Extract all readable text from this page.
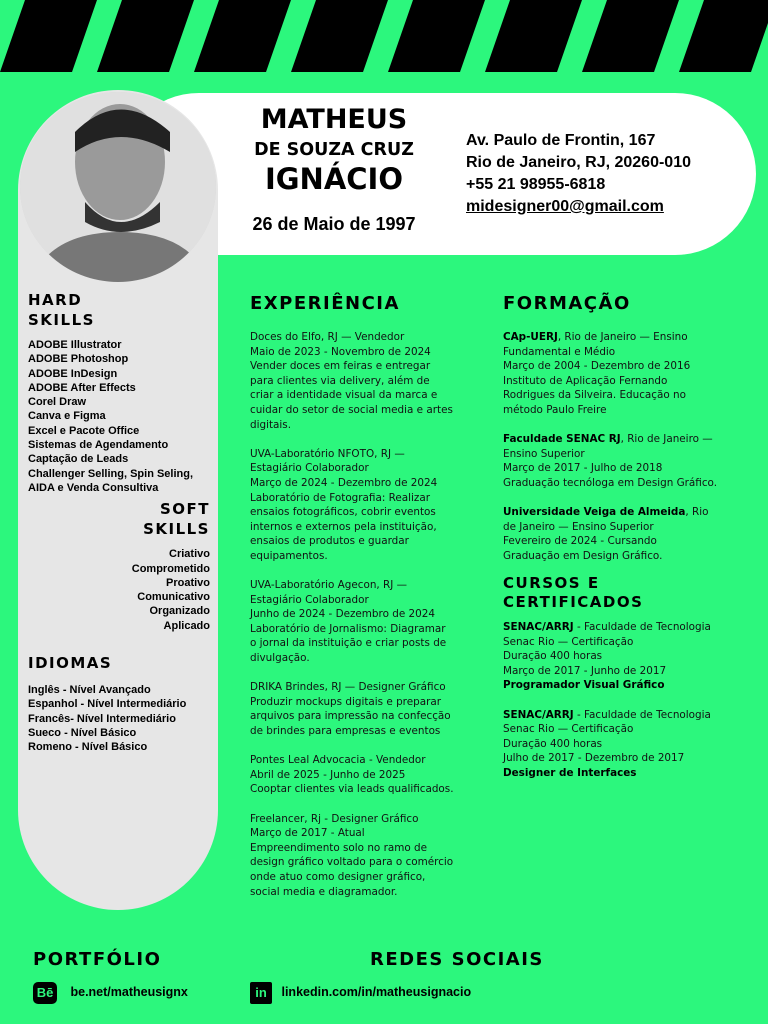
MATHEUS
DE SOUZA CRUZ
IGNÁCIO
26 de Maio de 1997
Av. Paulo de Frontin, 167
Rio de Janeiro, RJ, 20260-010
+55 21 98955-6818
midesigner00@gmail.com
HARD
SKILLS
ADOBE Illustrator
ADOBE Photoshop
ADOBE InDesign
ADOBE After Effects
Corel Draw
Canva e Figma
Excel e Pacote Office
Sistemas de Agendamento
Captação de Leads
Challenger Selling, Spin Seling,
AIDA e Venda Consultiva
SOFT
SKILLS
Criativo
Comprometido
Proativo
Comunicativo
Organizado
Aplicado
IDIOMAS
Inglês - Nível Avançado
Espanhol - Nível Intermediário
Francês- Nível Intermediário
Sueco - Nível Básico
Romeno - Nível Básico
EXPERIÊNCIA

Doces do Elfo, RJ — Vendedor
Maio de 2023 - Novembro de 2024
Vender doces em feiras e entregar para clientes via delivery, além de criar a identidade visual da marca e cuidar do setor de social media e artes digitais.

UVA-Laboratório NFOTO, RJ — Estagiário Colaborador
Março de 2024 - Dezembro de 2024
Laboratório de Fotografia: Realizar ensaios fotográficos, cobrir eventos internos e externos pela instituição, ensaios de produtos e guardar equipamentos.

UVA-Laboratório Agecon, RJ — Estagiário Colaborador
Junho de 2024 - Dezembro de 2024
Laboratório de Jornalismo: Diagramar o jornal da instituição e criar posts de divulgação.

DRIKA Brindes, RJ — Designer Gráfico
Produzir mockups digitais e preparar arquivos para impressão na confecção de brindes para empresas e eventos

Pontes Leal Advocacia - Vendedor
Abril de 2025 - Junho de 2025
Cooptar clientes via leads qualificados.

Freelancer, Rj - Designer Gráfico
Março de 2017 - Atual
Empreendimento solo no ramo de design gráfico voltado para o comércio onde atuo como designer gráfico, social media e diagramador.

FORMAÇÃO

CAp-UERJ, Rio de Janeiro — Ensino Fundamental e Médio
Março de 2004 - Dezembro de 2016
Instituto de Aplicação Fernando Rodrigues da Silveira. Educação no método Paulo Freire

Faculdade SENAC RJ, Rio de Janeiro — Ensino Superior
Março de 2017 - Julho de 2018
Graduação tecnóloga em Design Gráfico.

Universidade Veiga de Almeida, Rio de Janeiro — Ensino Superior
Fevereiro de 2024 - Cursando
Graduação em Design Gráfico.

CURSOS E
CERTIFICADOS

SENAC/ARRJ - Faculdade de Tecnologia Senac Rio — Certificação
Duração 400 horas
Março de 2017 - Junho de 2017
Programador Visual Gráfico

SENAC/ARRJ - Faculdade de Tecnologia Senac Rio — Certificação
Duração 400 horas
Julho de 2017 - Dezembro de 2017
Designer de Interfaces

PORTFÓLIO	REDES SOCIAIS
Bē be.net/matheusignx	in linkedin.com/in/matheusignacio
